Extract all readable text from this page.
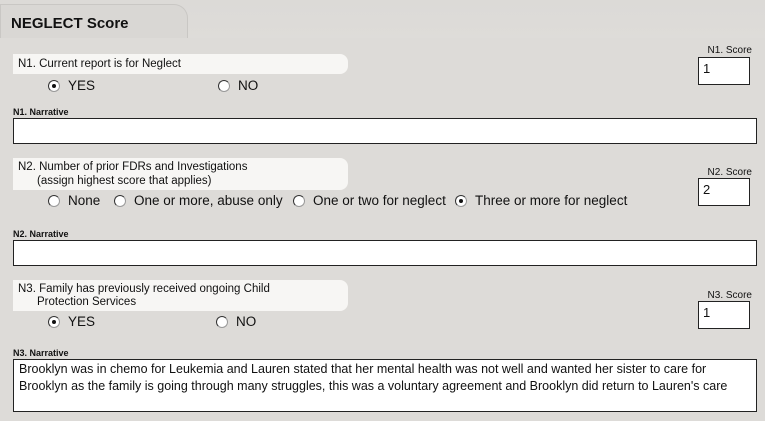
NEGLECT Score
N1. Current report is for Neglect
YES	NO
N1. Score
1
N1. Narrative
N2. Number of prior FDRs and Investigations
(assign highest score that applies)
None One or more, abuse only One or two for neglect Three or more for neglect
N2. Score
2
N2. Narrative
N3. Family has previously received ongoing Child
Protection Services
YES	NO
N3. Score
1
N3. Narrative
Brooklyn was in chemo for Leukemia and Lauren stated that her mental health was not well and wanted her sister to care for Brooklyn as the family is going through many struggles, this was a voluntary agreement and Brooklyn did return to Lauren's care
